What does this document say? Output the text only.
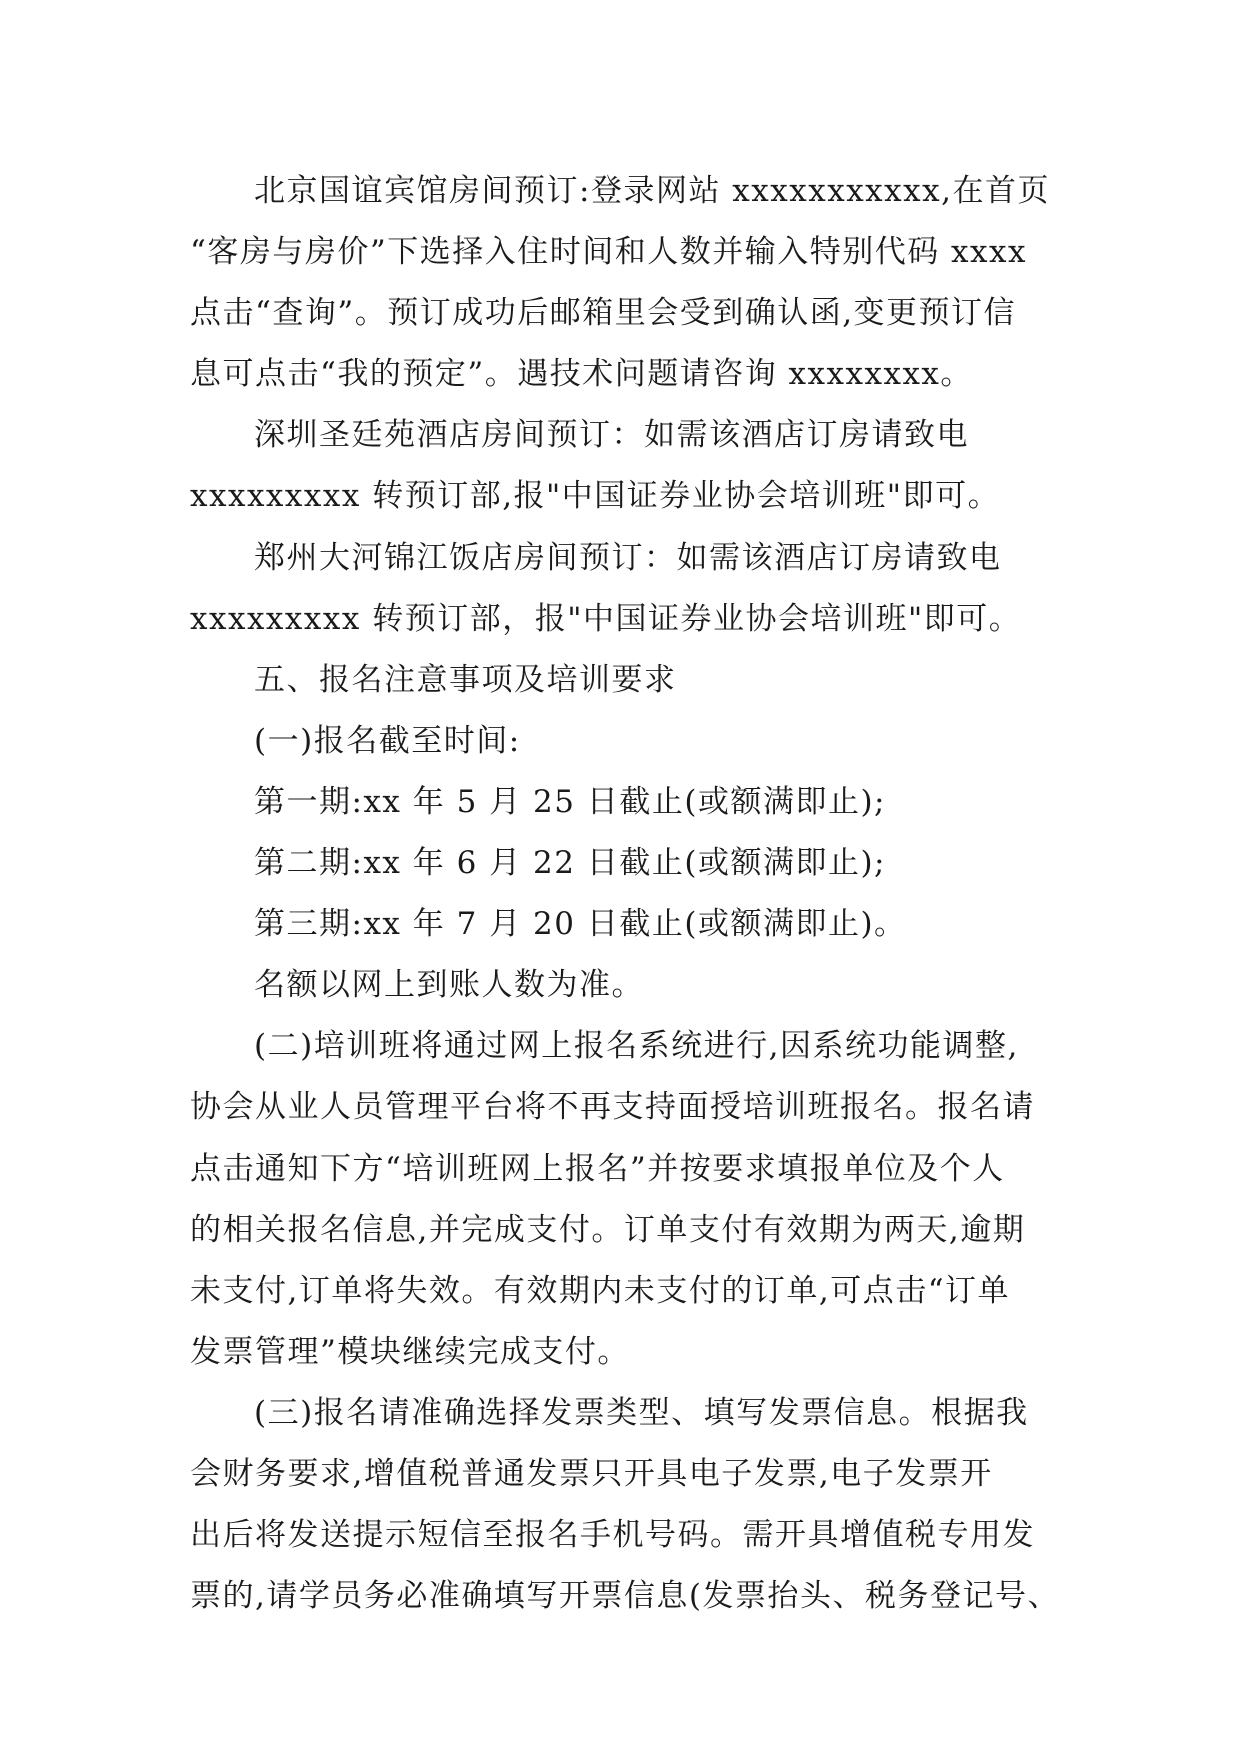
北京国谊宾馆房间预订:登录网站 xxxxxxxxxxx,在首页
“客房与房价”下选择入住时间和人数并输入特别代码 xxxx
点击“查询”。预订成功后邮箱里会受到确认函,变更预订信
息可点击“我的预定”。遇技术问题请咨询 xxxxxxxx。
深圳圣廷苑酒店房间预订：如需该酒店订房请致电
xxxxxxxxx 转预订部,报"中国证券业协会培训班"即可。
郑州大河锦江饭店房间预订：如需该酒店订房请致电
xxxxxxxxx 转预订部，报"中国证券业协会培训班"即可。
五、报名注意事项及培训要求
(一)报名截至时间:
第一期:xx 年 5 月 25 日截止(或额满即止);
第二期:xx 年 6 月 22 日截止(或额满即止);
第三期:xx 年 7 月 20 日截止(或额满即止)。
名额以网上到账人数为准。
(二)培训班将通过网上报名系统进行,因系统功能调整,
协会从业人员管理平台将不再支持面授培训班报名。报名请
点击通知下方“培训班网上报名”并按要求填报单位及个人
的相关报名信息,并完成支付。订单支付有效期为两天,逾期
未支付,订单将失效。有效期内未支付的订单,可点击“订单
发票管理”模块继续完成支付。
(三)报名请准确选择发票类型、填写发票信息。根据我
会财务要求,增值税普通发票只开具电子发票,电子发票开
出后将发送提示短信至报名手机号码。需开具增值税专用发
票的,请学员务必准确填写开票信息(发票抬头、税务登记号、
